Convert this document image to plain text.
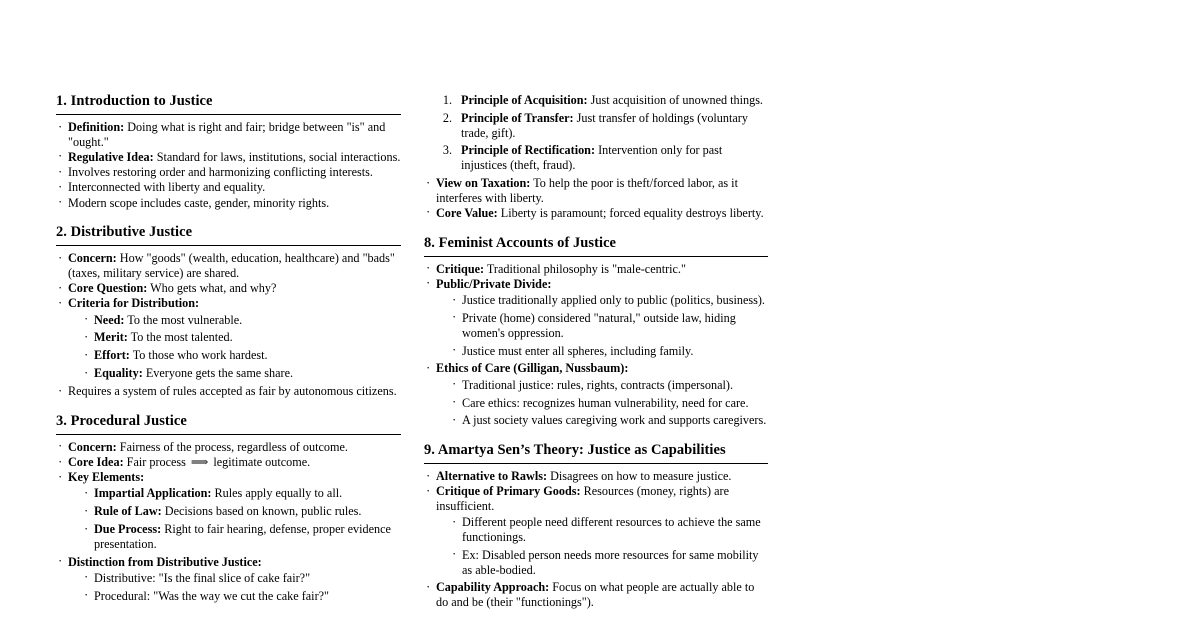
1. Introduction to Justice
· Definition: Doing what is right and fair; bridge between "is" and "ought."
· Regulative Idea: Standard for laws, institutions, social interactions.
· Involves restoring order and harmonizing conflicting interests.
· Interconnected with liberty and equality.
· Modern scope includes caste, gender, minority rights.
2. Distributive Justice
· Concern: How "goods" (wealth, education, healthcare) and "bads" (taxes, military service) are shared.
· Core Question: Who gets what, and why?
· Criteria for Distribution:
· Need: To the most vulnerable.
· Merit: To the most talented.
· Effort: To those who work hardest.
· Equality: Everyone gets the same share.
· Requires a system of rules accepted as fair by autonomous citizens.
3. Procedural Justice
· Concern: Fairness of the process, regardless of outcome.
· Core Idea: Fair process ⟹ legitimate outcome.
· Key Elements:
· Impartial Application: Rules apply equally to all.
· Rule of Law: Decisions based on known, public rules.
· Due Process: Right to fair hearing, defense, proper evidence presentation.
· Distinction from Distributive Justice:
· Distributive: "Is the final slice of cake fair?"
· Procedural: "Was the way we cut the cake fair?"
1. Principle of Acquisition: Just acquisition of unowned things.
2. Principle of Transfer: Just transfer of holdings (voluntary trade, gift).
3. Principle of Rectification: Intervention only for past injustices (theft, fraud).
· View on Taxation: To help the poor is theft/forced labor, as it interferes with liberty.
· Core Value: Liberty is paramount; forced equality destroys liberty.
8. Feminist Accounts of Justice
· Critique: Traditional philosophy is "male-centric."
· Public/Private Divide:
· Justice traditionally applied only to public (politics, business).
· Private (home) considered "natural," outside law, hiding women's oppression.
· Justice must enter all spheres, including family.
· Ethics of Care (Gilligan, Nussbaum):
· Traditional justice: rules, rights, contracts (impersonal).
· Care ethics: recognizes human vulnerability, need for care.
· A just society values caregiving work and supports caregivers.
9. Amartya Sen’s Theory: Justice as Capabilities
· Alternative to Rawls: Disagrees on how to measure justice.
· Critique of Primary Goods: Resources (money, rights) are insufficient.
· Different people need different resources to achieve the same functionings.
· Ex: Disabled person needs more resources for same mobility as able-bodied.
· Capability Approach: Focus on what people are actually able to do and be (their "functionings").
